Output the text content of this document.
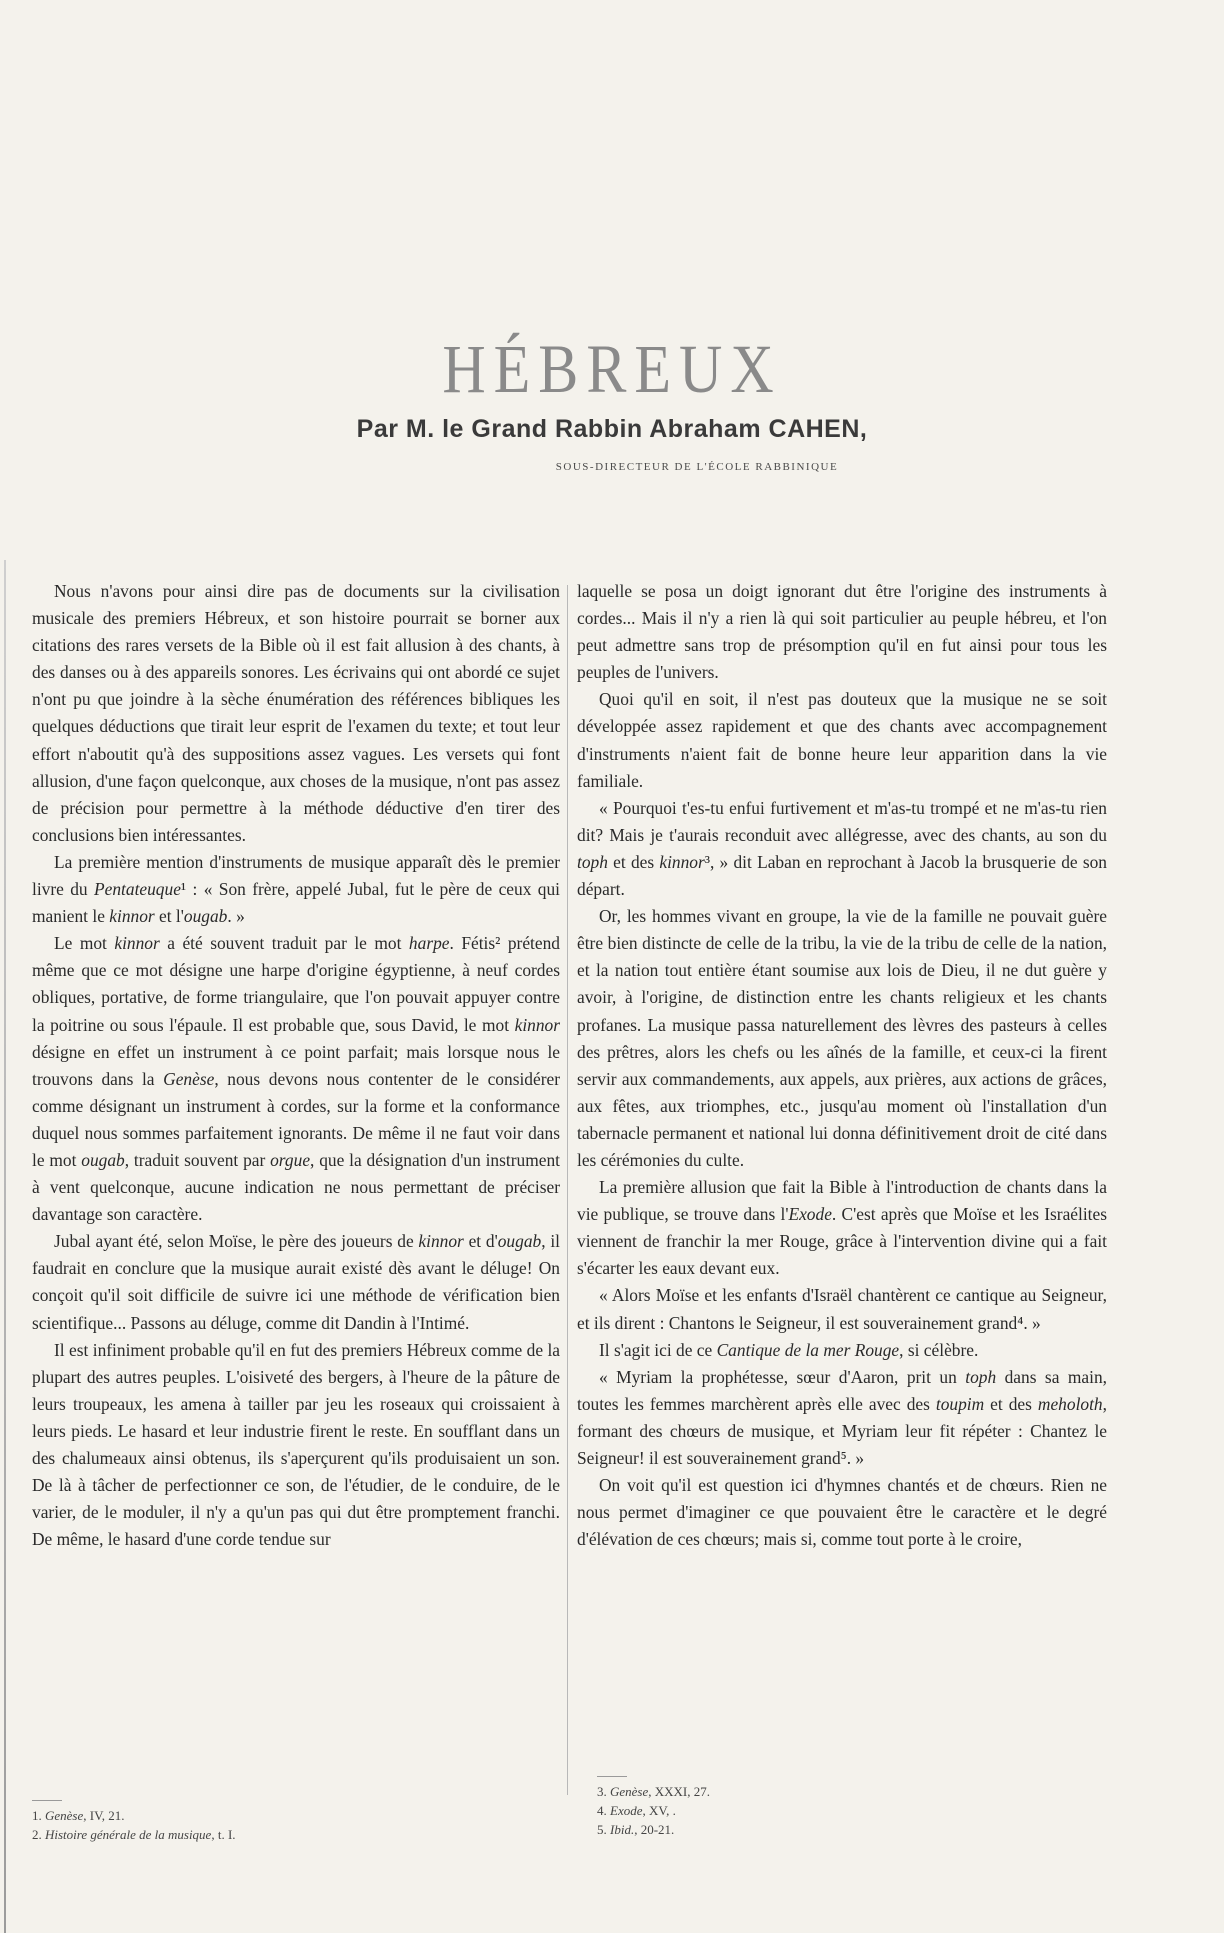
HÉBREUX
Par M. le Grand Rabbin Abraham CAHEN,
SOUS-DIRECTEUR DE L'ÉCOLE RABBINIQUE

Nous n'avons pour ainsi dire pas de documents sur la civilisation musicale des premiers Hébreux, et son histoire pourrait se borner aux citations des rares versets de la Bible où il est fait allusion à des chants, à des danses ou à des appareils sonores. Les écrivains qui ont abordé ce sujet n'ont pu que joindre à la sèche énumération des références bibliques les quelques déductions que tirait leur esprit de l'examen du texte; et tout leur effort n'aboutit qu'à des suppositions assez vagues. Les versets qui font allusion, d'une façon quelconque, aux choses de la musique, n'ont pas assez de précision pour permettre à la méthode déductive d'en tirer des conclusions bien intéressantes.

La première mention d'instruments de musique apparaît dès le premier livre du Pentateuque¹ : « Son frère, appelé Jubal, fut le père de ceux qui manient le kinnor et l'ougab. »

Le mot kinnor a été souvent traduit par le mot harpe. Fétis² prétend même que ce mot désigne une harpe d'origine égyptienne, à neuf cordes obliques, portative, de forme triangulaire, que l'on pouvait appuyer contre la poitrine ou sous l'épaule. Il est probable que, sous David, le mot kinnor désigne en effet un instrument à ce point parfait; mais lorsque nous le trouvons dans la Genèse, nous devons nous contenter de le considérer comme désignant un instrument à cordes, sur la forme et la conformance duquel nous sommes parfaitement ignorants. De même il ne faut voir dans le mot ougab, traduit souvent par orgue, que la désignation d'un instrument à vent quelconque, aucune indication ne nous permettant de préciser davantage son caractère.

Jubal ayant été, selon Moïse, le père des joueurs de kinnor et d'ougab, il faudrait en conclure que la musique aurait existé dès avant le déluge! On conçoit qu'il soit difficile de suivre ici une méthode de vérification bien scientifique... Passons au déluge, comme dit Dandin à l'Intimé.

Il est infiniment probable qu'il en fut des premiers Hébreux comme de la plupart des autres peuples. L'oisiveté des bergers, à l'heure de la pâture de leurs troupeaux, les amena à tailler par jeu les roseaux qui croissaient à leurs pieds. Le hasard et leur industrie firent le reste. En soufflant dans un des chalumeaux ainsi obtenus, ils s'aperçurent qu'ils produisaient un son. De là à tâcher de perfectionner ce son, de l'étudier, de le conduire, de le varier, de le moduler, il n'y a qu'un pas qui dut être promptement franchi. De même, le hasard d'une corde tendue sur

laquelle se posa un doigt ignorant dut être l'origine des instruments à cordes... Mais il n'y a rien là qui soit particulier au peuple hébreu, et l'on peut admettre sans trop de présomption qu'il en fut ainsi pour tous les peuples de l'univers.

Quoi qu'il en soit, il n'est pas douteux que la musique ne se soit développée assez rapidement et que des chants avec accompagnement d'instruments n'aient fait de bonne heure leur apparition dans la vie familiale.

« Pourquoi t'es-tu enfui furtivement et m'as-tu trompé et ne m'as-tu rien dit? Mais je t'aurais reconduit avec allégresse, avec des chants, au son du toph et des kinnor³, » dit Laban en reprochant à Jacob la brusquerie de son départ.

Or, les hommes vivant en groupe, la vie de la famille ne pouvait guère être bien distincte de celle de la tribu, la vie de la tribu de celle de la nation, et la nation tout entière étant soumise aux lois de Dieu, il ne dut guère y avoir, à l'origine, de distinction entre les chants religieux et les chants profanes. La musique passa naturellement des lèvres des pasteurs à celles des prêtres, alors les chefs ou les aînés de la famille, et ceux-ci la firent servir aux commandements, aux appels, aux prières, aux actions de grâces, aux fêtes, aux triomphes, etc., jusqu'au moment où l'installation d'un tabernacle permanent et national lui donna définitivement droit de cité dans les cérémonies du culte.

La première allusion que fait la Bible à l'introduction de chants dans la vie publique, se trouve dans l'Exode. C'est après que Moïse et les Israélites viennent de franchir la mer Rouge, grâce à l'intervention divine qui a fait s'écarter les eaux devant eux.

« Alors Moïse et les enfants d'Israël chantèrent ce cantique au Seigneur, et ils dirent : Chantons le Seigneur, il est souverainement grand⁴. »

Il s'agit ici de ce Cantique de la mer Rouge, si célèbre.

« Myriam la prophétesse, sœur d'Aaron, prit un toph dans sa main, toutes les femmes marchèrent après elle avec des toupim et des meholoth, formant des chœurs de musique, et Myriam leur fit répéter : Chantez le Seigneur! il est souverainement grand⁵. »

On voit qu'il est question ici d'hymnes chantés et de chœurs. Rien ne nous permet d'imaginer ce que pouvaient être le caractère et le degré d'élévation de ces chœurs; mais si, comme tout porte à le croire,

1. Genèse, IV, 21.
2. Histoire générale de la musique, t. I.
3. Genèse, XXXI, 27.
4. Exode, XV, .
5. Ibid., 20-21.
